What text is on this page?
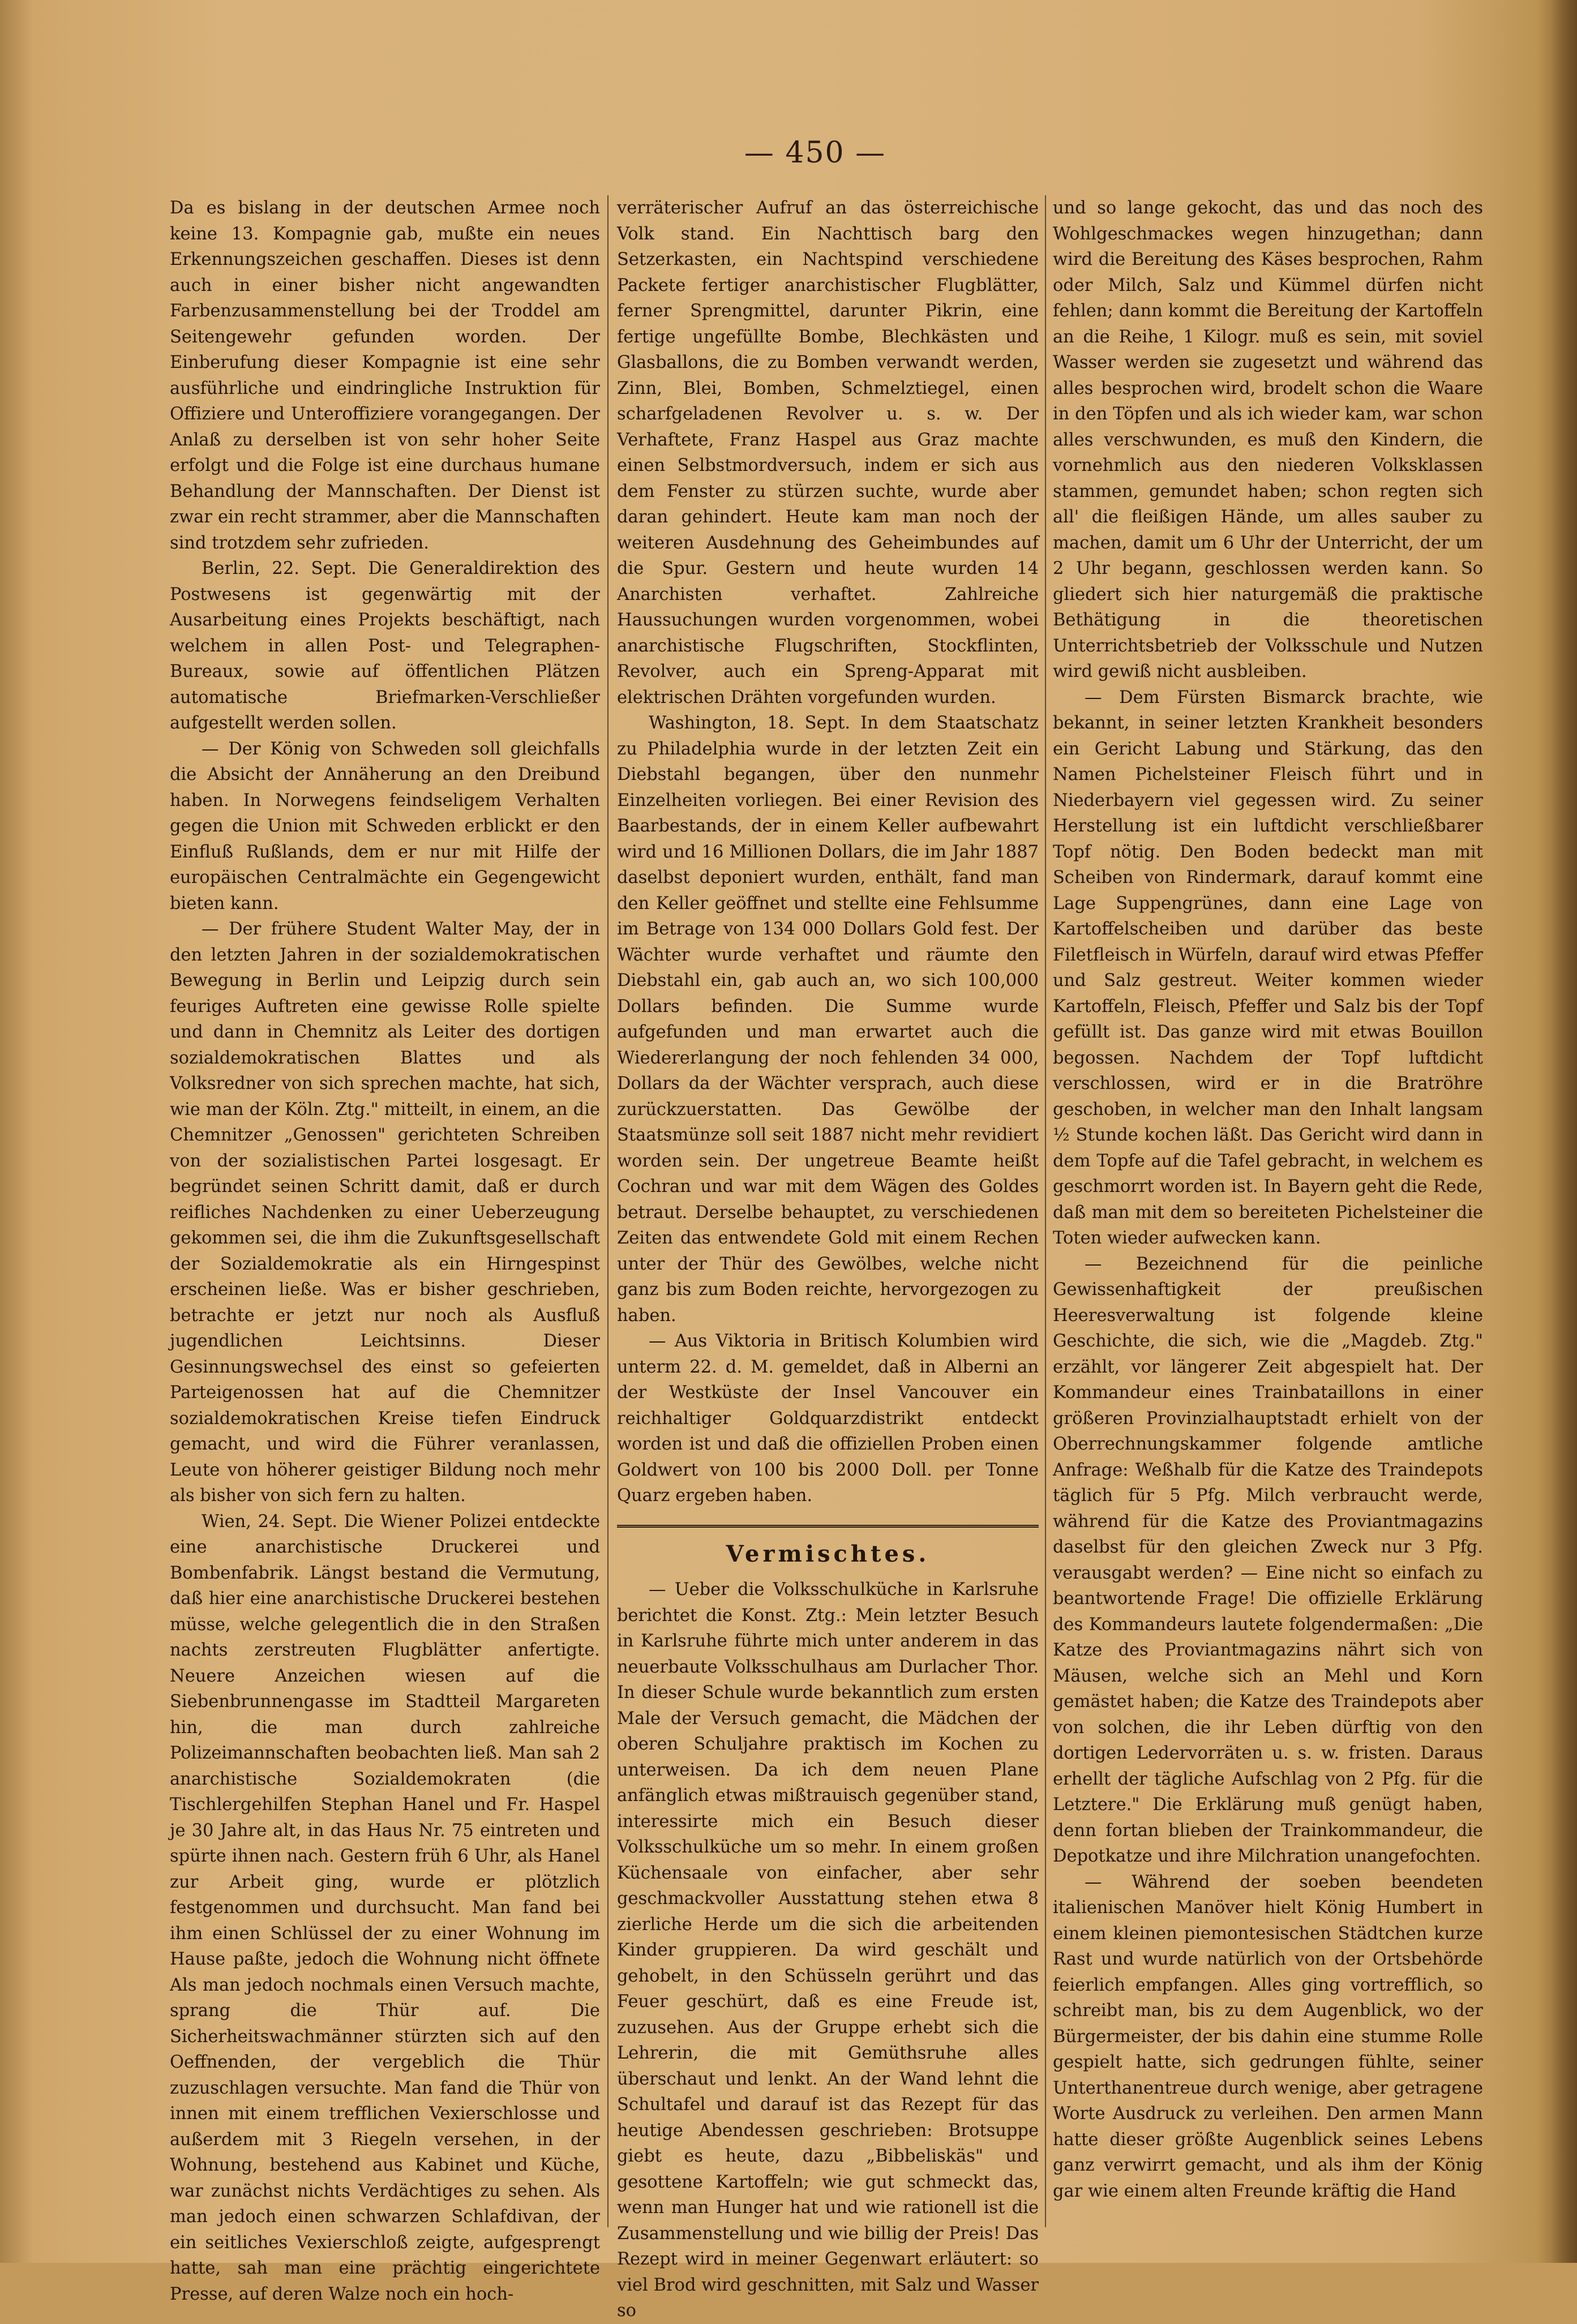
— 450 —

Da es bislang in der deutschen Armee noch keine 13. Kompagnie gab, mußte ein neues Erkennungszeichen geschaffen. Dieses ist denn auch in einer bisher nicht angewandten Farbenzusammenstellung bei der Troddel am Seitengewehr gefunden worden. Der Einberufung dieser Kompagnie ist eine sehr ausführliche und eindringliche Instruktion für Offiziere und Unteroffiziere vorangegangen. Der Anlaß zu derselben ist von sehr hoher Seite erfolgt und die Folge ist eine durchaus humane Behandlung der Mannschaften. Der Dienst ist zwar ein recht strammer, aber die Mannschaften sind trotzdem sehr zufrieden.

Berlin, 22. Sept. Die Generaldirektion des Postwesens ist gegenwärtig mit der Ausarbeitung eines Projekts beschäftigt, nach welchem in allen Post- und Telegraphen-Bureaux, sowie auf öffentlichen Plätzen automatische Briefmarken-Verschließer aufgestellt werden sollen.

— Der König von Schweden soll gleichfalls die Absicht der Annäherung an den Dreibund haben. In Norwegens feindseligem Verhalten gegen die Union mit Schweden erblickt er den Einfluß Rußlands, dem er nur mit Hilfe der europäischen Centralmächte ein Gegengewicht bieten kann.

— Der frühere Student Walter May, der in den letzten Jahren in der sozialdemokratischen Bewegung in Berlin und Leipzig durch sein feuriges Auftreten eine gewisse Rolle spielte und dann in Chemnitz als Leiter des dortigen sozialdemokratischen Blattes und als Volksredner von sich sprechen machte, hat sich, wie man der Köln. Ztg." mitteilt, in einem, an die Chemnitzer „Genossen" gerichteten Schreiben von der sozialistischen Partei losgesagt. Er begründet seinen Schritt damit, daß er durch reifliches Nachdenken zu einer Ueberzeugung gekommen sei, die ihm die Zukunftsgesellschaft der Sozialdemokratie als ein Hirngespinst erscheinen ließe. Was er bisher geschrieben, betrachte er jetzt nur noch als Ausfluß jugendlichen Leichtsinns. Dieser Gesinnungswechsel des einst so gefeierten Parteigenossen hat auf die Chemnitzer sozialdemokratischen Kreise tiefen Eindruck gemacht, und wird die Führer veranlassen, Leute von höherer geistiger Bildung noch mehr als bisher von sich fern zu halten.

Wien, 24. Sept. Die Wiener Polizei entdeckte eine anarchistische Druckerei und Bombenfabrik. Längst bestand die Vermutung, daß hier eine anarchistische Druckerei bestehen müsse, welche gelegentlich die in den Straßen nachts zerstreuten Flugblätter anfertigte. Neuere Anzeichen wiesen auf die Siebenbrunnengasse im Stadtteil Margareten hin, die man durch zahlreiche Polizeimannschaften beobachten ließ. Man sah 2 anarchistische Sozialdemokraten (die Tischlergehilfen Stephan Hanel und Fr. Haspel je 30 Jahre alt, in das Haus Nr. 75 eintreten und spürte ihnen nach. Gestern früh 6 Uhr, als Hanel zur Arbeit ging, wurde er plötzlich festgenommen und durchsucht. Man fand bei ihm einen Schlüssel der zu einer Wohnung im Hause paßte, jedoch die Wohnung nicht öffnete Als man jedoch nochmals einen Versuch machte, sprang die Thür auf. Die Sicherheitswachmänner stürzten sich auf den Oeffnenden, der vergeblich die Thür zuzuschlagen versuchte. Man fand die Thür von innen mit einem trefflichen Vexierschlosse und außerdem mit 3 Riegeln versehen, in der Wohnung, bestehend aus Kabinet und Küche, war zunächst nichts Verdächtiges zu sehen. Als man jedoch einen schwarzen Schlafdivan, der ein seitliches Vexierschloß zeigte, aufgesprengt hatte, sah man eine prächtig eingerichtete Presse, auf deren Walze noch ein hoch-

verräterischer Aufruf an das österreichische Volk stand. Ein Nachttisch barg den Setzerkasten, ein Nachtspind verschiedene Packete fertiger anarchistischer Flugblätter, ferner Sprengmittel, darunter Pikrin, eine fertige ungefüllte Bombe, Blechkästen und Glasballons, die zu Bomben verwandt werden, Zinn, Blei, Bomben, Schmelztiegel, einen scharfgeladenen Revolver u. s. w. Der Verhaftete, Franz Haspel aus Graz machte einen Selbstmordversuch, indem er sich aus dem Fenster zu stürzen suchte, wurde aber daran gehindert. Heute kam man noch der weiteren Ausdehnung des Geheimbundes auf die Spur. Gestern und heute wurden 14 Anarchisten verhaftet. Zahlreiche Haussuchungen wurden vorgenommen, wobei anarchistische Flugschriften, Stockflinten, Revolver, auch ein Spreng-Apparat mit elektrischen Drähten vorgefunden wurden.

Washington, 18. Sept. In dem Staatschatz zu Philadelphia wurde in der letzten Zeit ein Diebstahl begangen, über den nunmehr Einzelheiten vorliegen. Bei einer Revision des Baarbestands, der in einem Keller aufbewahrt wird und 16 Millionen Dollars, die im Jahr 1887 daselbst deponiert wurden, enthält, fand man den Keller geöffnet und stellte eine Fehlsumme im Betrage von 134 000 Dollars Gold fest. Der Wächter wurde verhaftet und räumte den Diebstahl ein, gab auch an, wo sich 100,000 Dollars befinden. Die Summe wurde aufgefunden und man erwartet auch die Wiedererlangung der noch fehlenden 34 000, Dollars da der Wächter versprach, auch diese zurückzuerstatten. Das Gewölbe der Staatsmünze soll seit 1887 nicht mehr revidiert worden sein. Der ungetreue Beamte heißt Cochran und war mit dem Wägen des Goldes betraut. Derselbe behauptet, zu verschiedenen Zeiten das entwendete Gold mit einem Rechen unter der Thür des Gewölbes, welche nicht ganz bis zum Boden reichte, hervorgezogen zu haben.

— Aus Viktoria in Britisch Kolumbien wird unterm 22. d. M. gemeldet, daß in Alberni an der Westküste der Insel Vancouver ein reichhaltiger Goldquarzdistrikt entdeckt worden ist und daß die offiziellen Proben einen Goldwert von 100 bis 2000 Doll. per Tonne Quarz ergeben haben.

Vermischtes.

— Ueber die Volksschulküche in Karlsruhe berichtet die Konst. Ztg.: Mein letzter Besuch in Karlsruhe führte mich unter anderem in das neuerbaute Volksschulhaus am Durlacher Thor. In dieser Schule wurde bekanntlich zum ersten Male der Versuch gemacht, die Mädchen der oberen Schuljahre praktisch im Kochen zu unterweisen. Da ich dem neuen Plane anfänglich etwas mißtrauisch gegenüber stand, interessirte mich ein Besuch dieser Volksschulküche um so mehr. In einem großen Küchensaale von einfacher, aber sehr geschmackvoller Ausstattung stehen etwa 8 zierliche Herde um die sich die arbeitenden Kinder gruppieren. Da wird geschält und gehobelt, in den Schüsseln gerührt und das Feuer geschürt, daß es eine Freude ist, zuzusehen. Aus der Gruppe erhebt sich die Lehrerin, die mit Gemüthsruhe alles überschaut und lenkt. An der Wand lehnt die Schultafel und darauf ist das Rezept für das heutige Abendessen geschrieben: Brotsuppe giebt es heute, dazu „Bibbeliskäs" und gesottene Kartoffeln; wie gut schmeckt das, wenn man Hunger hat und wie rationell ist die Zusammenstellung und wie billig der Preis! Das Rezept wird in meiner Gegenwart erläutert: so viel Brod wird geschnitten, mit Salz und Wasser so

und so lange gekocht, das und das noch des Wohlgeschmackes wegen hinzugethan; dann wird die Bereitung des Käses besprochen, Rahm oder Milch, Salz und Kümmel dürfen nicht fehlen; dann kommt die Bereitung der Kartoffeln an die Reihe, 1 Kilogr. muß es sein, mit soviel Wasser werden sie zugesetzt und während das alles besprochen wird, brodelt schon die Waare in den Töpfen und als ich wieder kam, war schon alles verschwunden, es muß den Kindern, die vornehmlich aus den niederen Volksklassen stammen, gemundet haben; schon regten sich all' die fleißigen Hände, um alles sauber zu machen, damit um 6 Uhr der Unterricht, der um 2 Uhr begann, geschlossen werden kann. So gliedert sich hier naturgemäß die praktische Bethätigung in die theoretischen Unterrichtsbetrieb der Volksschule und Nutzen wird gewiß nicht ausbleiben.

— Dem Fürsten Bismarck brachte, wie bekannt, in seiner letzten Krankheit besonders ein Gericht Labung und Stärkung, das den Namen Pichelsteiner Fleisch führt und in Niederbayern viel gegessen wird. Zu seiner Herstellung ist ein luftdicht verschließbarer Topf nötig. Den Boden bedeckt man mit Scheiben von Rindermark, darauf kommt eine Lage Suppengrünes, dann eine Lage von Kartoffelscheiben und darüber das beste Filetfleisch in Würfeln, darauf wird etwas Pfeffer und Salz gestreut. Weiter kommen wieder Kartoffeln, Fleisch, Pfeffer und Salz bis der Topf gefüllt ist. Das ganze wird mit etwas Bouillon begossen. Nachdem der Topf luftdicht verschlossen, wird er in die Bratröhre geschoben, in welcher man den Inhalt langsam ½ Stunde kochen läßt. Das Gericht wird dann in dem Topfe auf die Tafel gebracht, in welchem es geschmorrt worden ist. In Bayern geht die Rede, daß man mit dem so bereiteten Pichelsteiner die Toten wieder aufwecken kann.

— Bezeichnend für die peinliche Gewissenhaftigkeit der preußischen Heeresverwaltung ist folgende kleine Geschichte, die sich, wie die „Magdeb. Ztg." erzählt, vor längerer Zeit abgespielt hat. Der Kommandeur eines Trainbataillons in einer größeren Provinzialhauptstadt erhielt von der Oberrechnungskammer folgende amtliche Anfrage: Weßhalb für die Katze des Traindepots täglich für 5 Pfg. Milch verbraucht werde, während für die Katze des Proviantmagazins daselbst für den gleichen Zweck nur 3 Pfg. verausgabt werden? — Eine nicht so einfach zu beantwortende Frage! Die offizielle Erklärung des Kommandeurs lautete folgendermaßen: „Die Katze des Proviantmagazins nährt sich von Mäusen, welche sich an Mehl und Korn gemästet haben; die Katze des Traindepots aber von solchen, die ihr Leben dürftig von den dortigen Ledervorräten u. s. w. fristen. Daraus erhellt der tägliche Aufschlag von 2 Pfg. für die Letztere." Die Erklärung muß genügt haben, denn fortan blieben der Trainkommandeur, die Depotkatze und ihre Milchration unangefochten.

— Während der soeben beendeten italienischen Manöver hielt König Humbert in einem kleinen piemontesischen Städtchen kurze Rast und wurde natürlich von der Ortsbehörde feierlich empfangen. Alles ging vortrefflich, so schreibt man, bis zu dem Augenblick, wo der Bürgermeister, der bis dahin eine stumme Rolle gespielt hatte, sich gedrungen fühlte, seiner Unterthanentreue durch wenige, aber getragene Worte Ausdruck zu verleihen. Den armen Mann hatte dieser größte Augenblick seines Lebens ganz verwirrt gemacht, und als ihm der König gar wie einem alten Freunde kräftig die Hand
